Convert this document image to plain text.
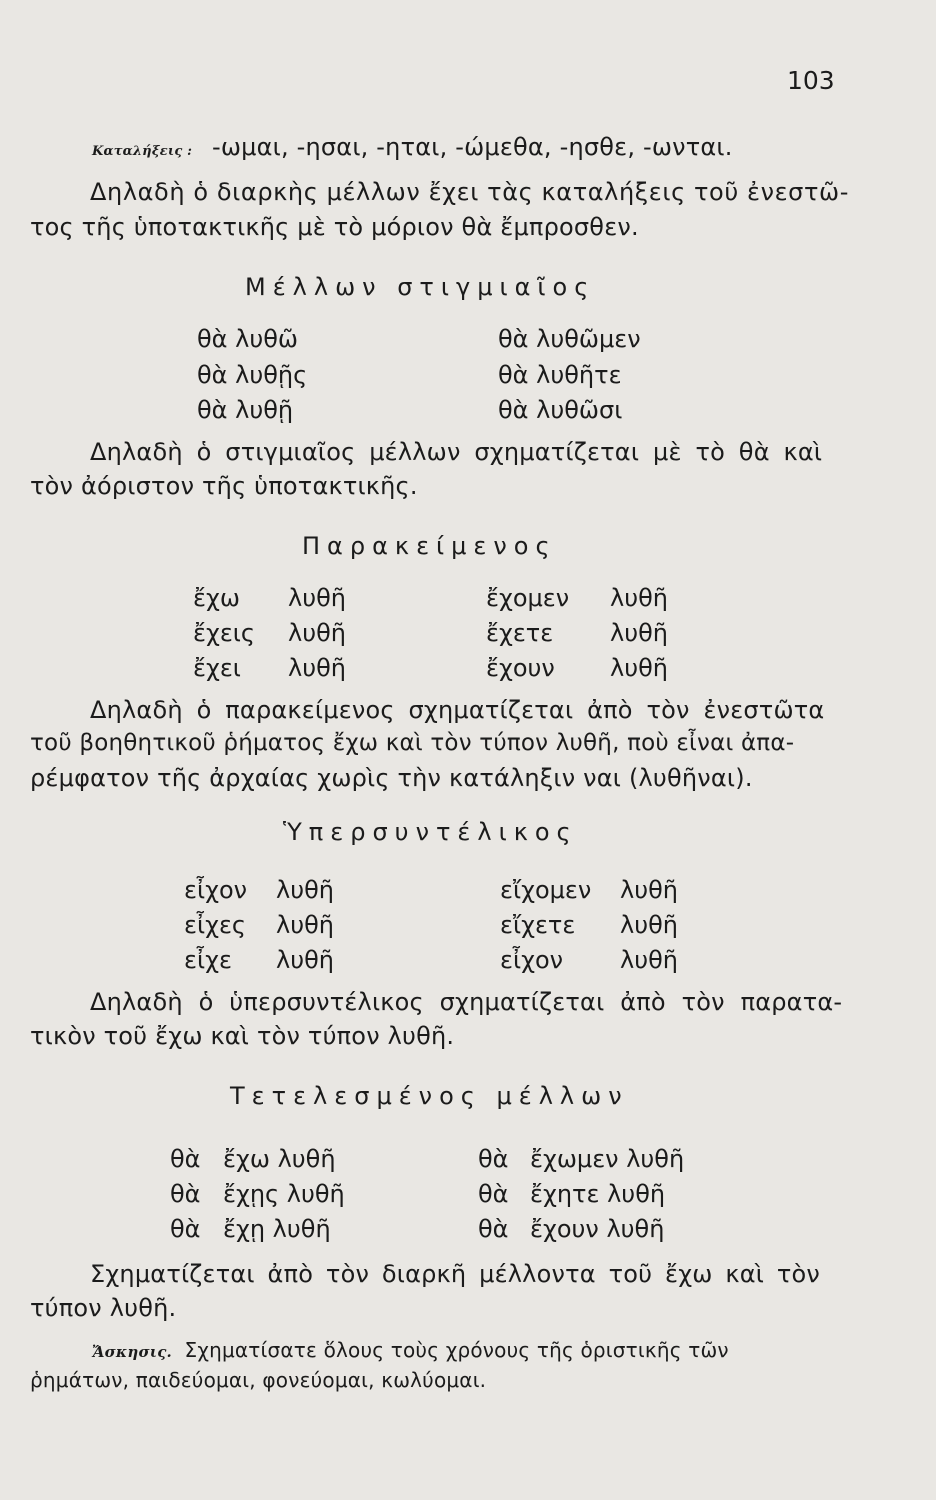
103
Καταλήξεις : -ωμαι, -ησαι, -ηται, -ώμεθα, -ησθε, -ωνται.
Δηλαδὴ ὁ διαρκὴς μέλλων ἔχει τὰς καταλήξεις τοῦ ἐνεστῶ-
τος τῆς ὑποτακτικῆς μὲ τὸ μόριον θὰ ἔμπροσθεν.
Μέλλων στιγμιαῖος
θὰ λυθῶ
θὰ λυθῇς
θὰ λυθῇ
θὰ λυθῶμεν
θὰ λυθῆτε
θὰ λυθῶσι
Δηλαδὴ ὁ στιγμιαῖος μέλλων σχηματίζεται μὲ τὸ θὰ καὶ
τὸν ἀόριστον τῆς ὑποτακτικῆς.
Παρακείμενος
ἔχω
ἔχεις
ἔχει
λυθῆ
λυθῆ
λυθῆ
ἔχομεν
ἔχετε
ἔχουν
λυθῆ
λυθῆ
λυθῆ
Δηλαδὴ ὁ παρακείμενος σχηματίζεται ἀπὸ τὸν ἐνεστῶτα
τοῦ βοηθητικοῦ ῥήματος ἔχω καὶ τὸν τύπον λυθῆ, ποὺ εἶναι ἀπα-
ρέμφατον τῆς ἀρχαίας χωρὶς τὴν κατάληξιν ναι (λυθῆναι).
Ὑπερσυντέλικος
εἶχον
εἶχες
εἶχε
λυθῆ
λυθῆ
λυθῆ
εἴχομεν
εἴχετε
εἶχον
λυθῆ
λυθῆ
λυθῆ
Δηλαδὴ ὁ ὑπερσυντέλικος σχηματίζεται ἀπὸ τὸν παρατα-
τικὸν τοῦ ἔχω καὶ τὸν τύπον λυθῆ.
Τετελεσμένος μέλλων
θὰ
θὰ
θὰ
ἔχω λυθῆ
ἔχῃς λυθῆ
ἔχῃ λυθῆ
θὰ
θὰ
θὰ
ἔχωμεν λυθῆ
ἔχητε λυθῆ
ἔχουν λυθῆ
Σχηματίζεται ἀπὸ τὸν διαρκῆ μέλλοντα τοῦ ἔχω καὶ τὸν
τύπον λυθῆ.
Ἄσκησις. Σχηματίσατε ὅλους τοὺς χρόνους τῆς ὁριστικῆς τῶν
ῥημάτων, παιδεύομαι, φονεύομαι, κωλύομαι.
